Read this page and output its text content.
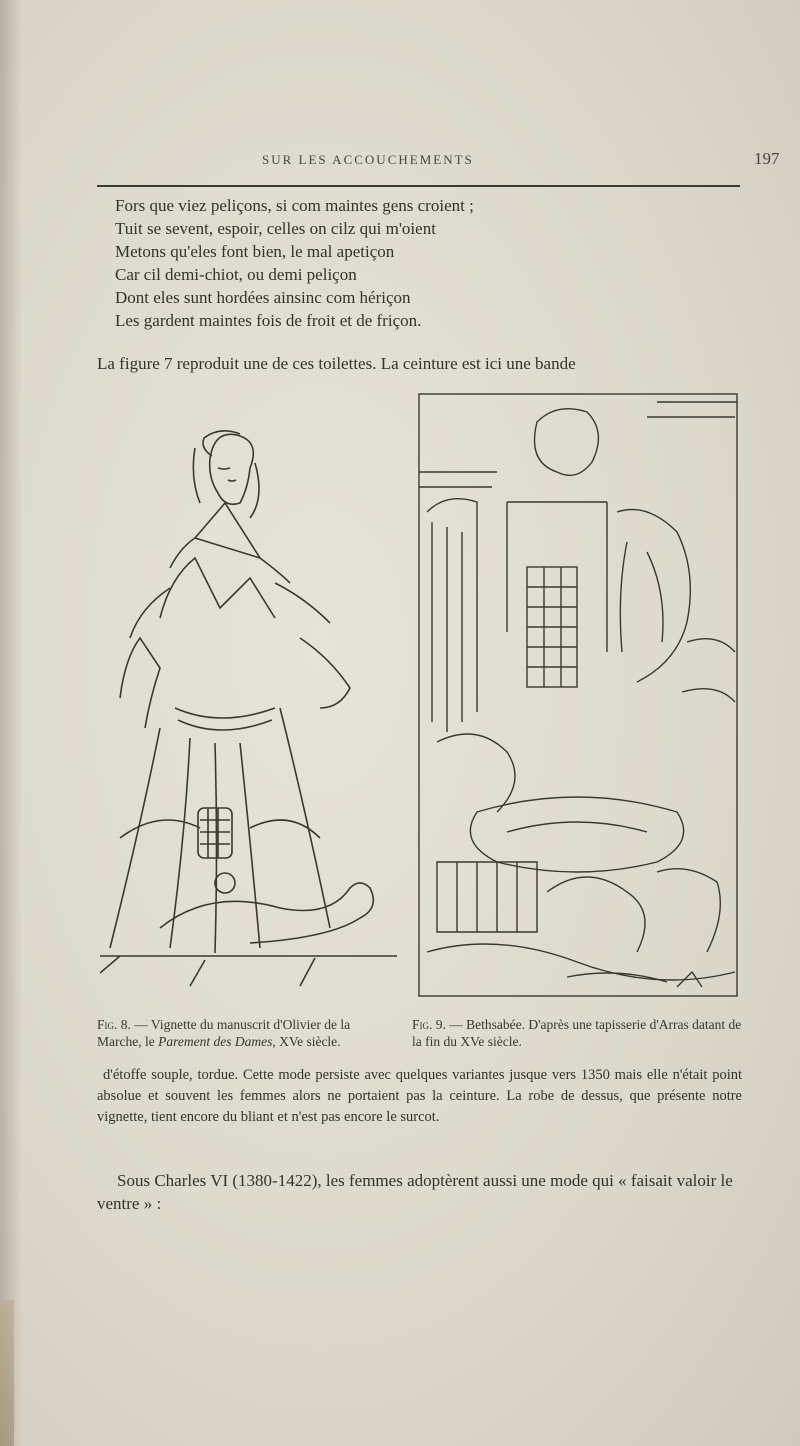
SUR LES ACCOUCHEMENTS	197
Fors que viez peliçons, si com maintes gens croient ;
Tuit se sevent, espoir, celles on cilz qui m'oient
Metons qu'eles font bien, le mal apetiçon
Car cil demi-chiot, ou demi peliçon
Dont eles sunt hordées ainsinc com hériçon
Les gardent maintes fois de froit et de friçon.
La figure 7 reproduit une de ces toilettes. La ceinture est ici une bande
Fig. 8. — Vignette du manuscrit d'Olivier de la Marche, le Parement des Dames, XVe siècle.
Fig. 9. — Bethsabée. D'après une tapisserie d'Arras datant de la fin du XVe siècle.
d'étoffe souple, tordue. Cette mode persiste avec quelques variantes jusque vers 1350 mais elle n'était point absolue et souvent les femmes alors ne portaient pas la ceinture. La robe de dessus, que présente notre vignette, tient encore du bliant et n'est pas encore le surcot.
Sous Charles VI (1380-1422), les femmes adoptèrent aussi une mode qui « faisait valoir le ventre » :
